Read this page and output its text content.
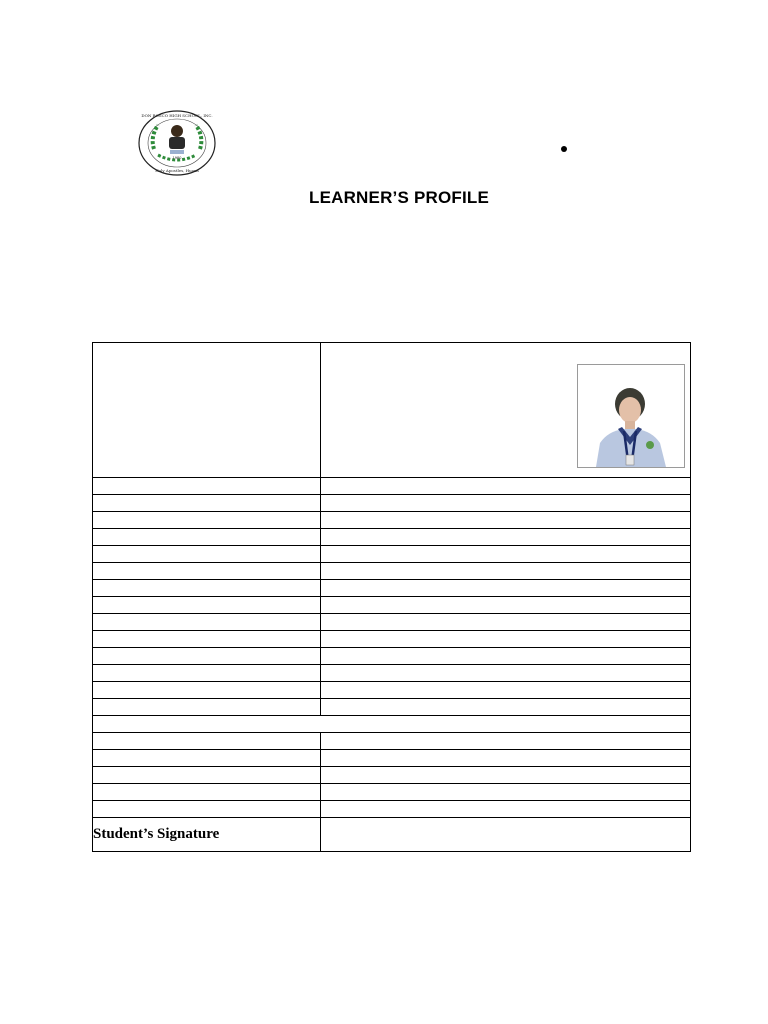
1980
DON BOSCO HIGH SCHOOL, INC.
Holy Apostles, Huaxa
LEARNER’S PROFILE

Student’s Signature	
